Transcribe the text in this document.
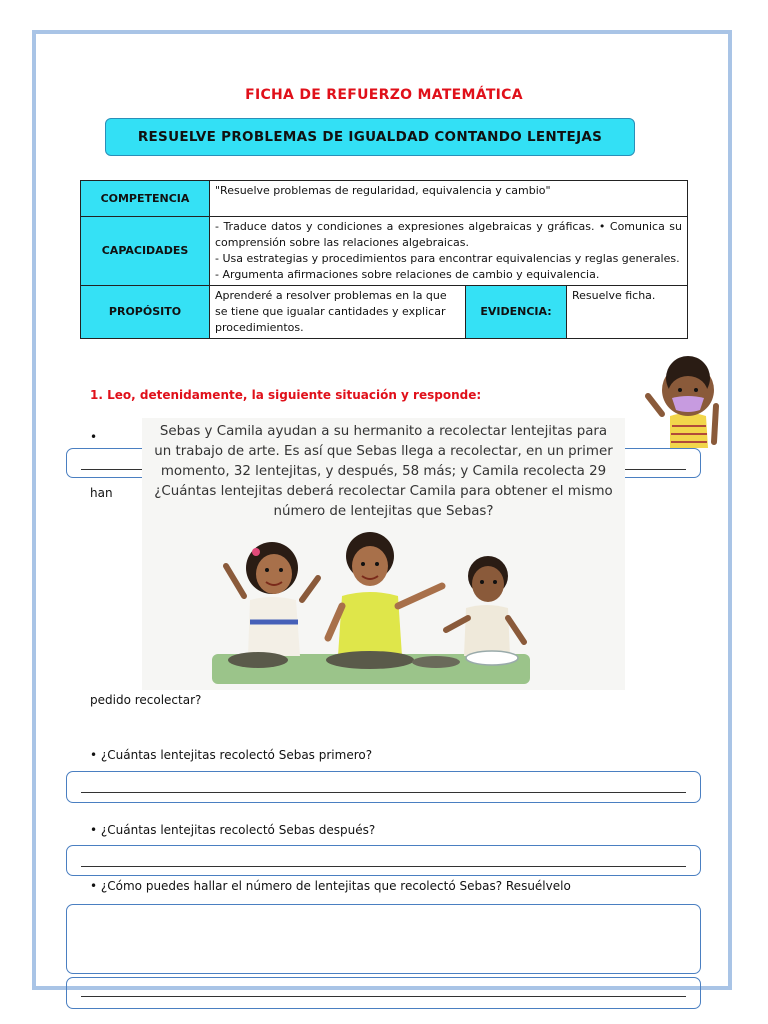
FICHA DE REFUERZO MATEMÁTICA
RESUELVE PROBLEMAS DE IGUALDAD CONTANDO LENTEJAS
COMPETENCIA	"Resuelve problemas de regularidad, equivalencia y cambio"		
CAPACIDADES	- Traduce datos y condiciones a expresiones algebraicas y gráficas. • Comunica su comprensión sobre las relaciones algebraicas.
- Usa estrategias y procedimientos para encontrar equivalencias y reglas generales.
- Argumenta afirmaciones sobre relaciones de cambio y equivalencia.		

PROPÓSITO	Aprenderé a resolver problemas en la que se tiene que igualar cantidades y explicar procedimientos.	EVIDENCIA:	Resuelve ficha.
1. Leo, detenidamente, la siguiente situación y responde:
•
han
Sebas y Camila ayudan a su hermanito a recolectar lentejitas para
un trabajo de arte. Es así que Sebas llega a recolectar, en un primer
momento, 32 lentejitas, y después, 58 más; y Camila recolecta 29
¿Cuántas lentejitas deberá recolectar Camila para obtener el mismo
número de lentejitas que Sebas?
pedido recolectar?
• ¿Cuántas lentejitas recolectó Sebas primero?
• ¿Cuántas lentejitas recolectó Sebas después?
• ¿Cómo puedes hallar el número de lentejitas que recolectó Sebas? Resuélvelo
